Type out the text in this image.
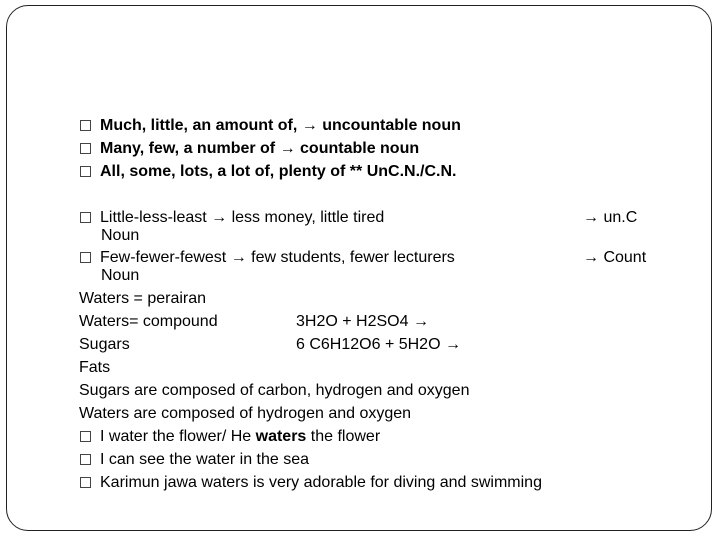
Much, little, an amount of, → uncountable noun
Many, few, a number of → countable noun
All, some, lots, a lot of, plenty of ** UnC.N./C.N.
Little-less-least → less money, little tired	→ un.C
Noun
Few-fewer-fewest → few students, fewer lecturers	→ Count
Noun
Waters = perairan
Waters= compound	3H2O + H2SO4 →
Sugars	6 C6H12O6 + 5H2O →
Fats
Sugars are composed of carbon, hydrogen and oxygen
Waters are composed of hydrogen and oxygen
I water the flower/ He waters the flower
I can see the water in the sea
Karimun jawa waters is very adorable for diving and swimming
